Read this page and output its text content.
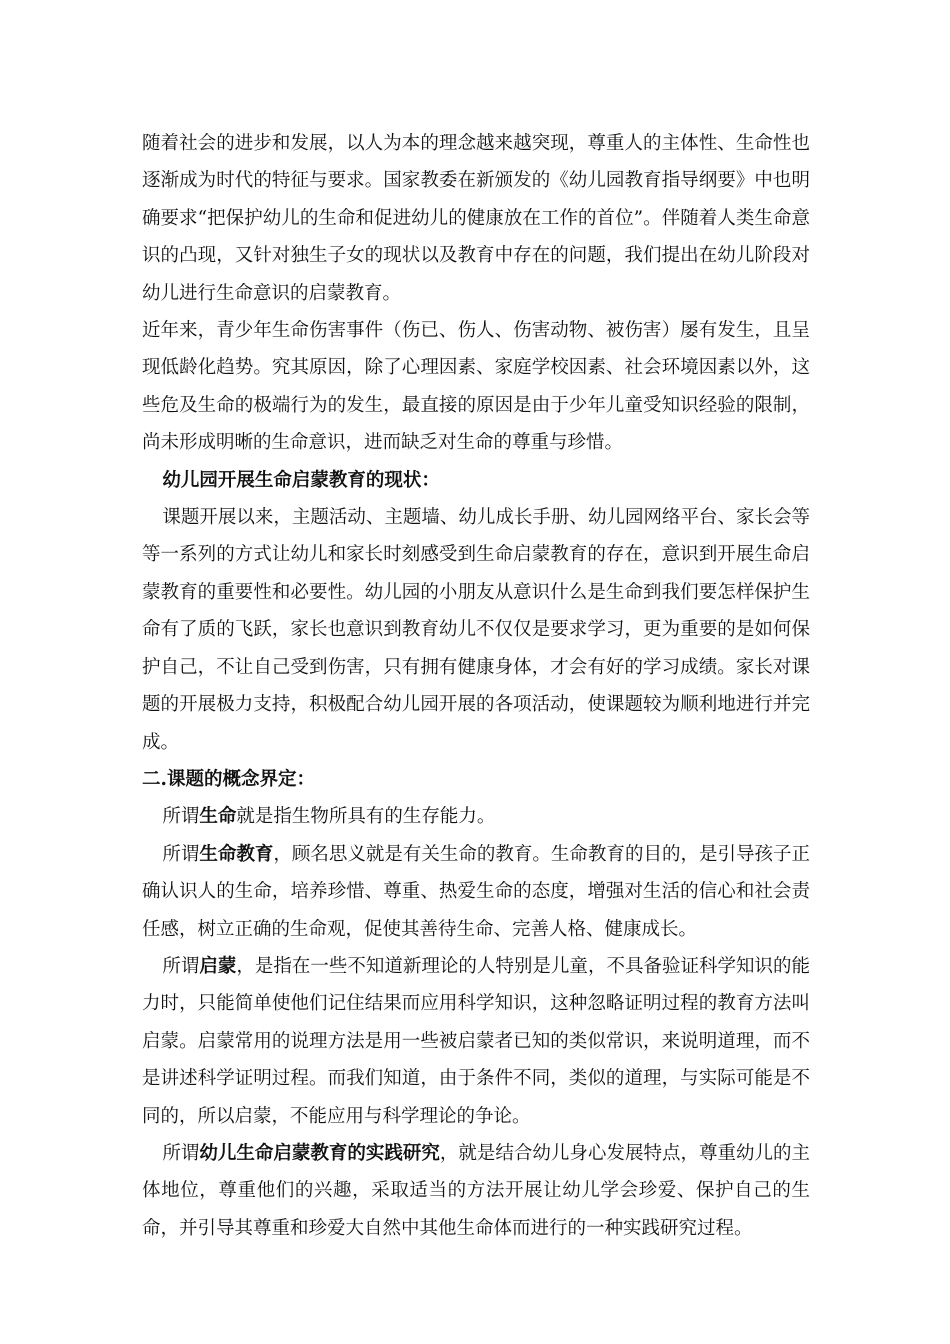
随着社会的进步和发展，以人为本的理念越来越突现，尊重人的主体性、生命性也逐渐成为时代的特征与要求。国家教委在新颁发的《幼儿园教育指导纲要》中也明确要求“把保护幼儿的生命和促进幼儿的健康放在工作的首位”。伴随着人类生命意识的凸现，又针对独生子女的现状以及教育中存在的问题，我们提出在幼儿阶段对幼儿进行生命意识的启蒙教育。

近年来，青少年生命伤害事件（伤已、伤人、伤害动物、被伤害）屡有发生，且呈现低龄化趋势。究其原因，除了心理因素、家庭学校因素、社会环境因素以外，这些危及生命的极端行为的发生，最直接的原因是由于少年儿童受知识经验的限制，尚未形成明晰的生命意识，进而缺乏对生命的尊重与珍惜。

幼儿园开展生命启蒙教育的现状：

课题开展以来，主题活动、主题墙、幼儿成长手册、幼儿园网络平台、家长会等等一系列的方式让幼儿和家长时刻感受到生命启蒙教育的存在，意识到开展生命启蒙教育的重要性和必要性。幼儿园的小朋友从意识什么是生命到我们要怎样保护生命有了质的飞跃，家长也意识到教育幼儿不仅仅是要求学习，更为重要的是如何保护自己，不让自己受到伤害，只有拥有健康身体，才会有好的学习成绩。家长对课题的开展极力支持，积极配合幼儿园开展的各项活动，使课题较为顺利地进行并完成。

二.课题的概念界定：

所谓生命就是指生物所具有的生存能力。

所谓生命教育，顾名思义就是有关生命的教育。生命教育的目的，是引导孩子正确认识人的生命，培养珍惜、尊重、热爱生命的态度，增强对生活的信心和社会责任感，树立正确的生命观，促使其善待生命、完善人格、健康成长。

所谓启蒙，是指在一些不知道新理论的人特别是儿童，不具备验证科学知识的能力时，只能简单使他们记住结果而应用科学知识，这种忽略证明过程的教育方法叫启蒙。启蒙常用的说理方法是用一些被启蒙者已知的类似常识，来说明道理，而不是讲述科学证明过程。而我们知道，由于条件不同，类似的道理，与实际可能是不同的，所以启蒙，不能应用与科学理论的争论。

所谓幼儿生命启蒙教育的实践研究，就是结合幼儿身心发展特点，尊重幼儿的主体地位，尊重他们的兴趣，采取适当的方法开展让幼儿学会珍爱、保护自己的生命，并引导其尊重和珍爱大自然中其他生命体而进行的一种实践研究过程。
